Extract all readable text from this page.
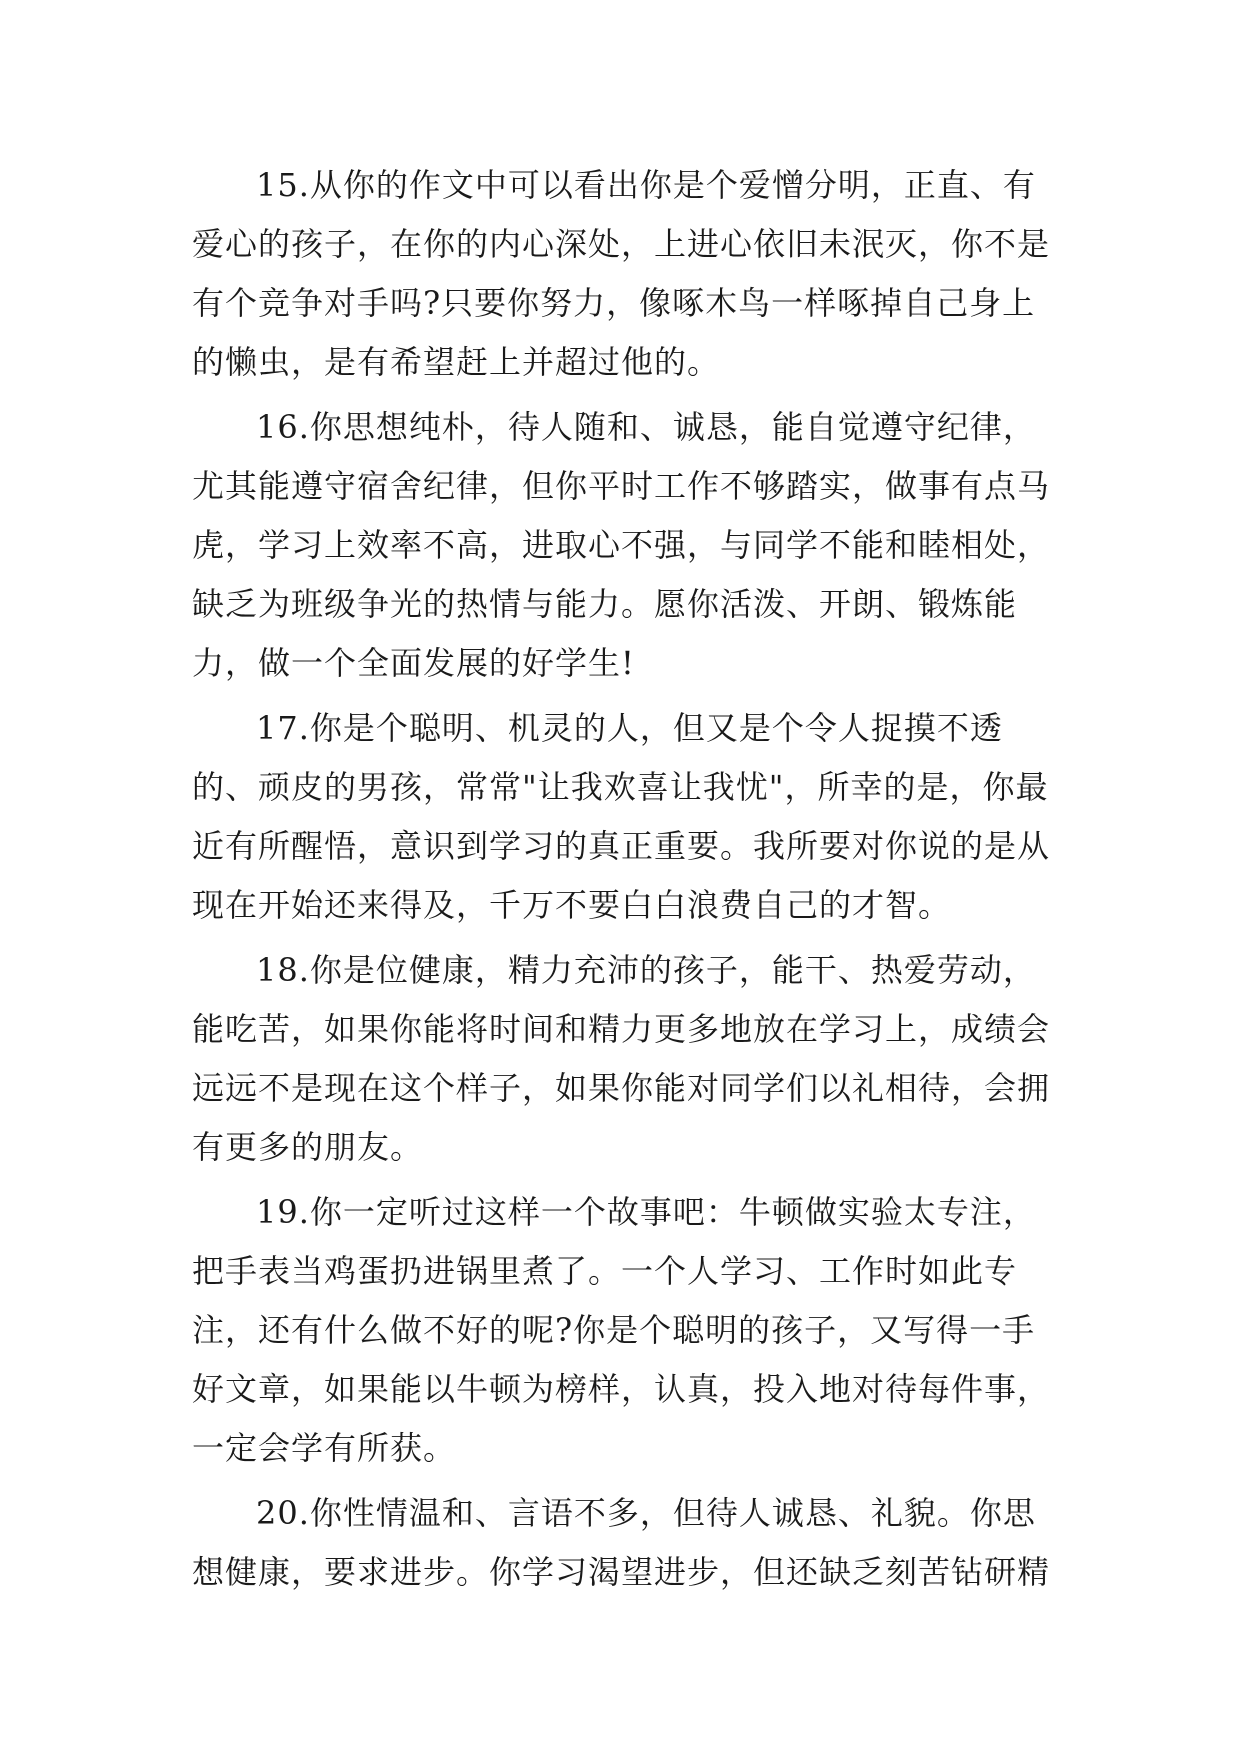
15.从你的作文中可以看出你是个爱憎分明，正直、有爱心的孩子，在你的内心深处，上进心依旧未泯灭，你不是有个竞争对手吗?只要你努力，像啄木鸟一样啄掉自己身上的懒虫，是有希望赶上并超过他的。

16.你思想纯朴，待人随和、诚恳，能自觉遵守纪律，尤其能遵守宿舍纪律，但你平时工作不够踏实，做事有点马虎，学习上效率不高，进取心不强，与同学不能和睦相处，缺乏为班级争光的热情与能力。愿你活泼、开朗、锻炼能力，做一个全面发展的好学生!

17.你是个聪明、机灵的人，但又是个令人捉摸不透的、顽皮的男孩，常常"让我欢喜让我忧"，所幸的是，你最近有所醒悟，意识到学习的真正重要。我所要对你说的是从现在开始还来得及，千万不要白白浪费自己的才智。

18.你是位健康，精力充沛的孩子，能干、热爱劳动，能吃苦，如果你能将时间和精力更多地放在学习上，成绩会远远不是现在这个样子，如果你能对同学们以礼相待，会拥有更多的朋友。

19.你一定听过这样一个故事吧：牛顿做实验太专注，把手表当鸡蛋扔进锅里煮了。一个人学习、工作时如此专注，还有什么做不好的呢?你是个聪明的孩子，又写得一手好文章，如果能以牛顿为榜样，认真，投入地对待每件事，一定会学有所获。

20.你性情温和、言语不多，但待人诚恳、礼貌。你思想健康，要求进步。你学习渴望进步，但还缺乏刻苦钻研精
